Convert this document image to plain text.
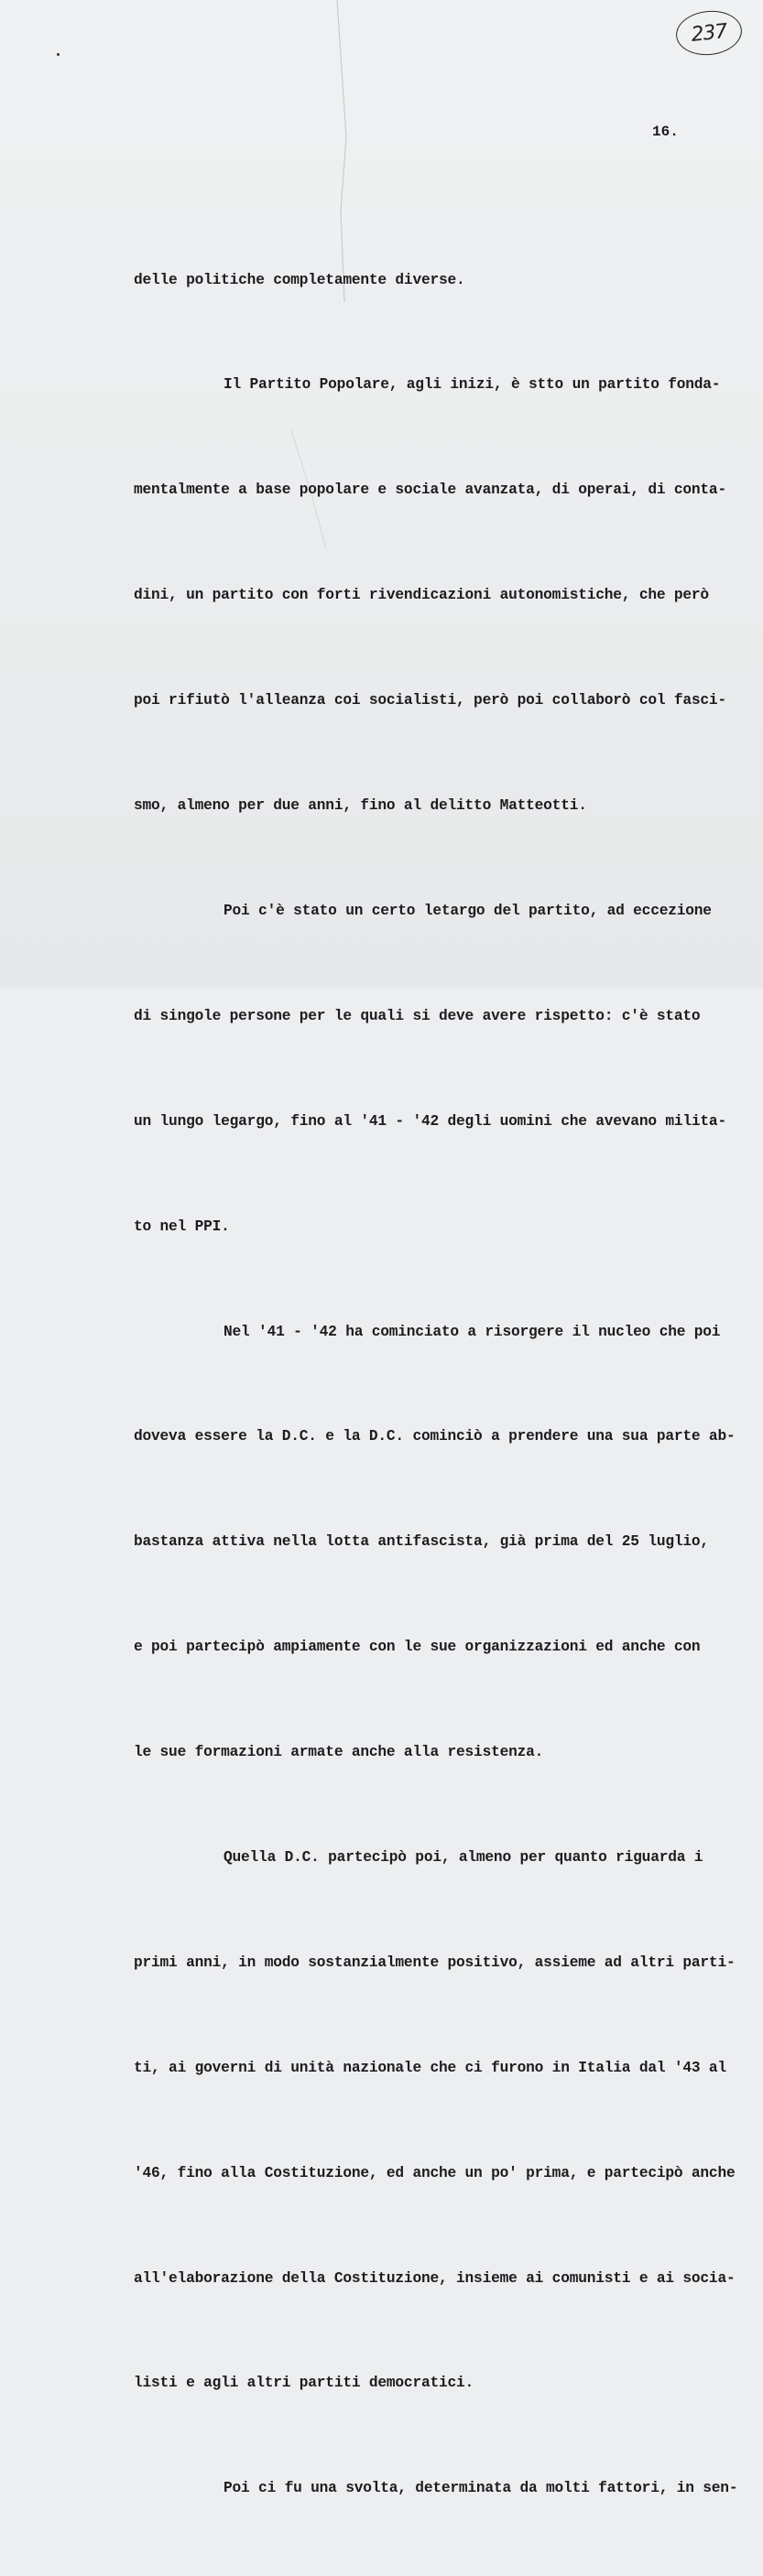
237
16.

delle politiche completamente diverse.

Il Partito Popolare, agli inizi, è stto un partito fonda-

mentalmente a base popolare e sociale avanzata, di operai, di conta-

dini, un partito con forti rivendicazioni autonomistiche, che però

poi rifiutò l'alleanza coi socialisti, però poi collaborò col fasci-

smo, almeno per due anni, fino al delitto Matteotti.

Poi c'è stato un certo letargo del partito, ad eccezione

di singole persone per le quali si deve avere rispetto: c'è stato

un lungo legargo, fino al '41 - '42 degli uomini che avevano milita-

to nel PPI.

Nel '41 - '42 ha cominciato a risorgere il nucleo che poi

doveva essere la D.C. e la D.C. cominciò a prendere una sua parte ab-

bastanza attiva nella lotta antifascista, già prima del 25 luglio,

e poi partecipò ampiamente con le sue organizzazioni ed anche con

le sue formazioni armate anche alla resistenza.

Quella D.C. partecipò poi, almeno per quanto riguarda i

primi anni, in modo sostanzialmente positivo, assieme ad altri parti-

ti, ai governi di unità nazionale che ci furono in Italia dal '43 al

'46, fino alla Costituzione, ed anche un po' prima, e partecipò anche

all'elaborazione della Costituzione, insieme ai comunisti e ai socia-

listi e agli altri partiti democratici.

Poi ci fu una svolta, determinata da molti fattori, in sen-
